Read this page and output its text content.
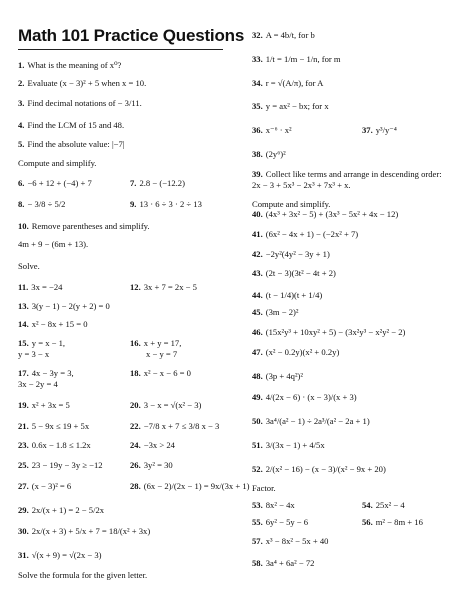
Math 101 Practice Questions
1. What is the meaning of x⁰?
2. Evaluate (x − 3)² + 5 when x = 10.
3. Find decimal notations of − 3/11.
4. Find the LCM of 15 and 48.
5. Find the absolute value: |−7|
Compute and simplify.
6. −6 + 12 + (−4) + 7	7. 2.8 − (−12.2)
8. − 3/8 ÷ 5/2	9. 13 · 6 ÷ 3 · 2 ÷ 13
10. Remove parentheses and simplify.
4m + 9 − (6m + 13).
Solve.
11. 3x = −24	12. 3x + 7 = 2x − 5
13. 3(y − 1) − 2(y + 2) = 0
14. x² − 8x + 15 = 0
15. y = x − 1,	16. x + y = 17,
y = 3 − x	x − y = 7
17. 4x − 3y = 3,	18. x² − x − 6 = 0
3x − 2y = 4
19. x² + 3x = 5	20. 3 − x = √(x² − 3)
21. 5 − 9x ≤ 19 + 5x	22. −7/8 x + 7 ≤ 3/8 x − 3
23. 0.6x − 1.8 ≤ 1.2x	24. −3x > 24
25. 23 − 19y − 3y ≥ −12	26. 3y² = 30
27. (x − 3)² = 6	28. (6x − 2)/(2x − 1) = 9x/(3x + 1)
29. 2x/(x + 1) = 2 − 5/2x
30. 2x/(x + 3) + 5/x + 7 = 18/(x² + 3x)
31. √(x + 9) = √(2x − 3)
Solve the formula for the given letter.
32. A = 4b/t, for b
33. 1/t = 1/m − 1/n, for m
34. r = √(A/π), for A
35. y = ax² − bx; for x
36. x⁻⁶ · x²	37. y³/y⁻⁴
38. (2y⁶)²
39. Collect like terms and arrange in descending order:
2x − 3 + 5x³ − 2x³ + 7x³ + x.
Compute and simplify.
40. (4x³ + 3x² − 5) + (3x³ − 5x² + 4x − 12)
41. (6x² − 4x + 1) − (−2x² + 7)
42. −2y²(4y² − 3y + 1)
43. (2t − 3)(3t² − 4t + 2)
44. (t − 1/4)(t + 1/4)
45. (3m − 2)²
46. (15x²y³ + 10xy² + 5) − (3x²y³ − x²y² − 2)
47. (x² − 0.2y)(x² + 0.2y)
48. (3p + 4q²)²
49. 4/(2x − 6) · (x − 3)/(x + 3)
50. 3a⁴/(a² − 1) ÷ 2a³/(a² − 2a + 1)
51. 3/(3x − 1) + 4/5x
52. 2/(x² − 16) − (x − 3)/(x² − 9x + 20)
Factor.
53. 8x² − 4x	54. 25x² − 4
55. 6y² − 5y − 6	56. m² − 8m + 16
57. x³ − 8x² − 5x + 40
58. 3a⁴ + 6a² − 72
